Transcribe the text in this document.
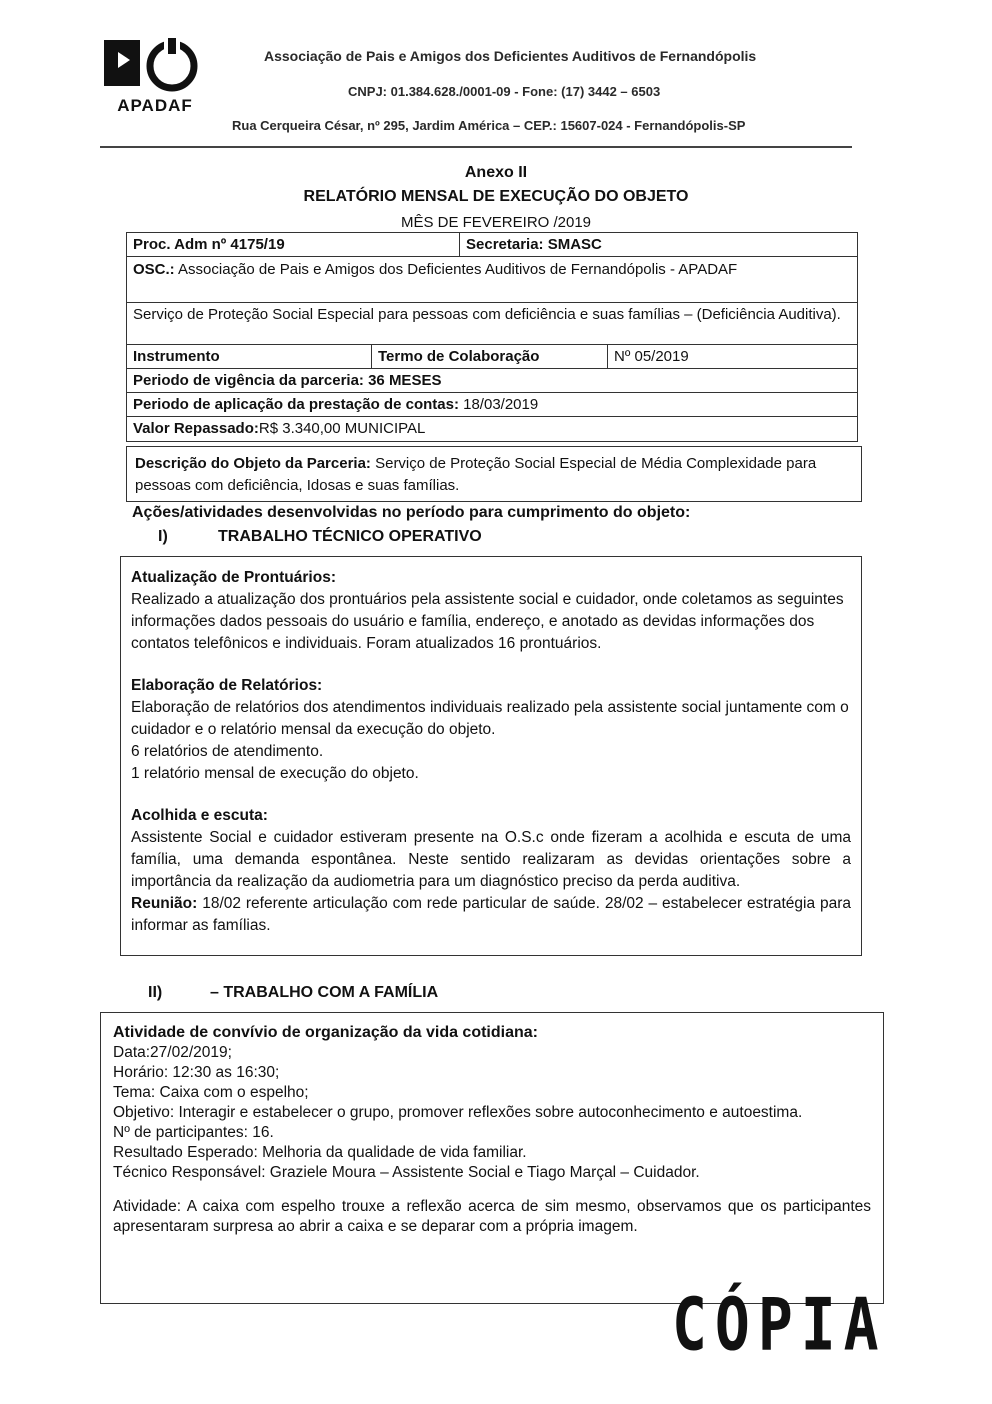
APADAF
Associação de Pais e Amigos dos Deficientes Auditivos de Fernandópolis
CNPJ: 01.384.628./0001-09 - Fone: (17) 3442 – 6503
Rua Cerqueira César, nº 295, Jardim América – CEP.: 15607-024 - Fernandópolis-SP
Anexo II
RELATÓRIO MENSAL DE EXECUÇÃO DO OBJETO
MÊS DE FEVEREIRO /2019
Proc. Adm nº 4175/19	Secretaria: SMASC
OSC.: Associação de Pais e Amigos dos Deficientes Auditivos de Fernandópolis - APADAF
Serviço de Proteção Social Especial para pessoas com deficiência e suas famílias – (Deficiência Auditiva).
Instrumento	Termo de Colaboração	Nº 05/2019
Periodo de vigência da parceria: 36 MESES
Periodo de aplicação da prestação de contas: 18/03/2019
Valor Repassado:R$ 3.340,00 MUNICIPAL
Descrição do Objeto da Parceria: Serviço de Proteção Social Especial de Média Complexidade para pessoas com deficiência, Idosas e suas famílias.
Ações/atividades desenvolvidas no período para cumprimento do objeto:
I)	TRABALHO TÉCNICO OPERATIVO

Atualização de Prontuários:

Realizado a atualização dos prontuários pela assistente social e cuidador, onde coletamos as seguintes informações dados pessoais do usuário e família, endereço, e anotado as devidas informações dos contatos telefônicos e individuais. Foram atualizados 16 prontuários.

Elaboração de Relatórios:

Elaboração de relatórios dos atendimentos individuais realizado pela assistente social juntamente com o cuidador e o relatório mensal da execução do objeto.

6 relatórios de atendimento.

1 relatório mensal de execução do objeto.

Acolhida e escuta:

Assistente Social e cuidador estiveram presente na O.S.c onde fizeram a acolhida e escuta de uma família, uma demanda espontânea. Neste sentido realizaram as devidas orientações sobre a importância da realização da audiometria para um diagnóstico preciso da perda auditiva.

Reunião: 18/02 referente articulação com rede particular de saúde. 28/02 – estabelecer estratégia para informar as famílias.

II)	– TRABALHO COM A FAMÍLIA

Atividade de convívio de organização da vida cotidiana:

Data:27/02/2019;

Horário: 12:30 as 16:30;

Tema: Caixa com o espelho;

Objetivo: Interagir e estabelecer o grupo, promover reflexões sobre autoconhecimento e autoestima.

Nº de participantes: 16.

Resultado Esperado: Melhoria da qualidade de vida familiar.

Técnico Responsável: Graziele Moura – Assistente Social e Tiago Marçal – Cuidador.

Atividade: A caixa com espelho trouxe a reflexão acerca de sim mesmo, observamos que os participantes apresentaram surpresa ao abrir a caixa e se deparar com a própria imagem.

CÓPIA
